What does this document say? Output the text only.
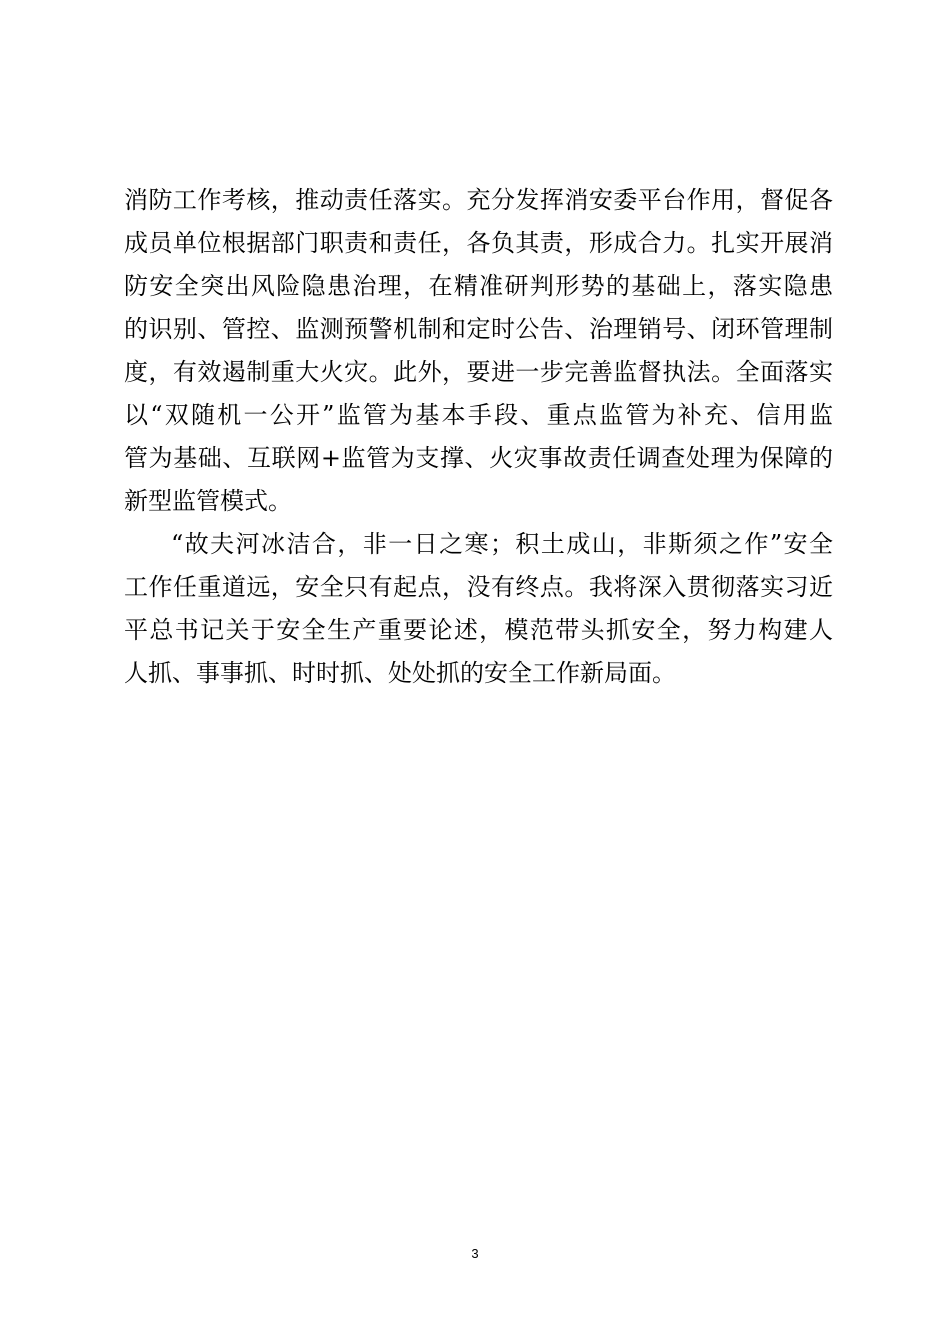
消防工作考核，推动责任落实。充分发挥消安委平台作用，督促各
成员单位根据部门职责和责任，各负其责，形成合力。扎实开展消
防安全突出风险隐患治理，在精准研判形势的基础上，落实隐患
的识别、管控、监测预警机制和定时公告、治理销号、闭环管理制
度，有效遏制重大火灾。此外，要进一步完善监督执法。全面落实
以“双随机一公开”监管为基本手段、重点监管为补充、信用监
管为基础、互联网+监管为支撑、火灾事故责任调查处理为保障的
新型监管模式。
“故夫河冰洁合，非一日之寒；积土成山，非斯须之作”安全
工作任重道远，安全只有起点，没有终点。我将深入贯彻落实习近
平总书记关于安全生产重要论述，模范带头抓安全，努力构建人
人抓、事事抓、时时抓、处处抓的安全工作新局面。
3
